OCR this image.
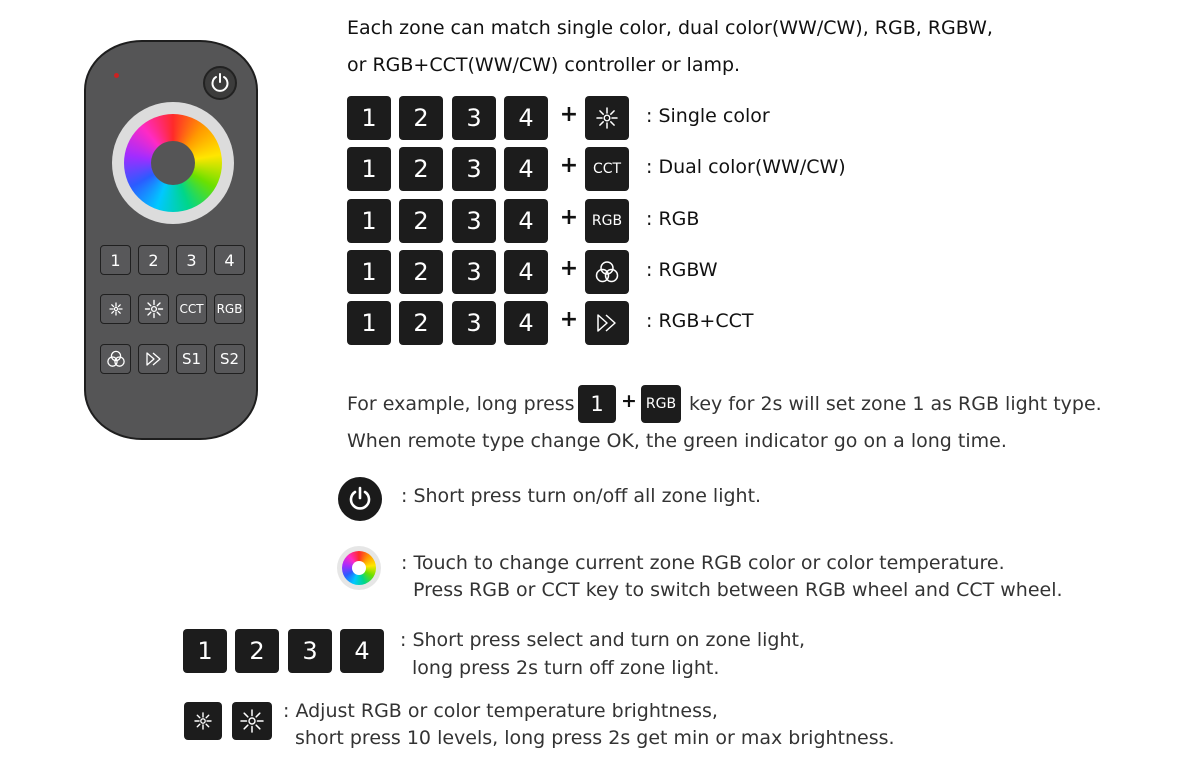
1	2	3	4
CCT RGB
S1 S2
Each zone can match single color, dual color(WW/CW), RGB, RGBW,
or RGB+CCT(WW/CW) controller or lamp.
1	2	3	4	+	: Single color
1	2	3	4	+	CCT	: Dual color(WW/CW)
1	2	3	4	+ RGB	: RGB
1	2	3	4	+	: RGBW
1	2	3	4	+	: RGB+CCT
For example, long press 1 + RGB key for 2s will set zone 1 as RGB light type.
When remote type change OK, the green indicator go on a long time.
: Short press turn on/off all zone light.
: Touch to change current zone RGB color or color temperature.
Press RGB or CCT key to switch between RGB wheel and CCT wheel.
1	2	3	4	: Short press select and turn on zone light,
long press 2s turn off zone light.
: Adjust RGB or color temperature brightness,
short press 10 levels, long press 2s get min or max brightness.
